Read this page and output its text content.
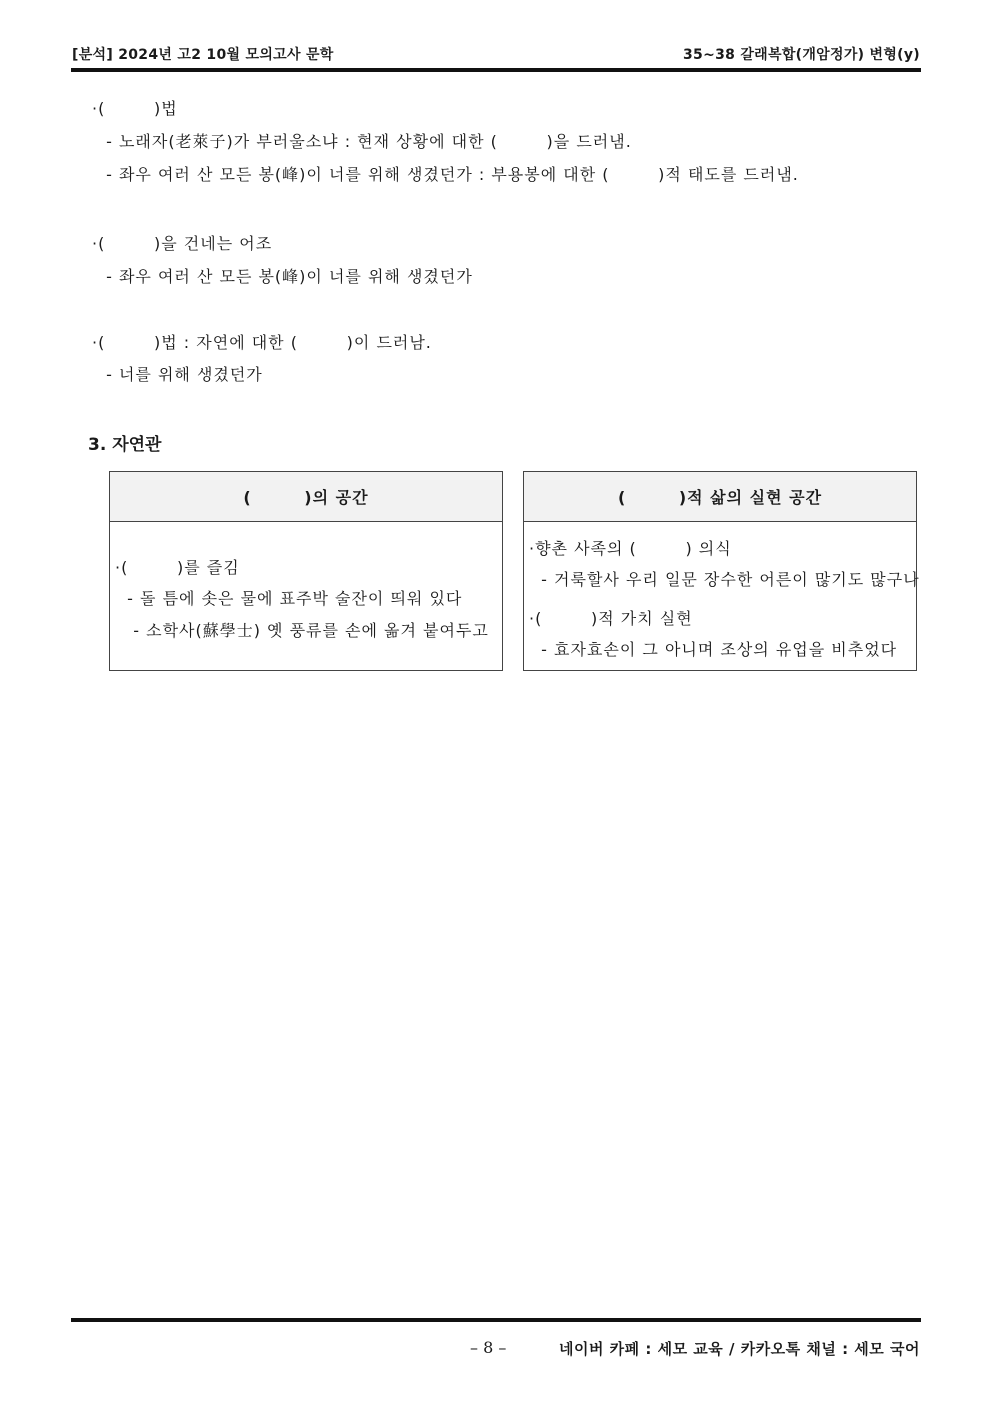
[분석] 2024년 고2 10월 모의고사 문학	35~38 갈래복합(개암정가) 변형(y)
·(        )법
- 노래자(老萊子)가 부러울소냐 : 현재 상황에 대한 (        )을 드러냄.
- 좌우 여러 산 모든 봉(峰)이 너를 위해 생겼던가 : 부용봉에 대한 (        )적 태도를 드러냄.
·(        )을 건네는 어조
- 좌우 여러 산 모든 봉(峰)이 너를 위해 생겼던가
·(        )법 : 자연에 대한 (        )이 드러남.
- 너를 위해 생겼던가
3. 자연관
(        )의 공간
·(        )를 즐김
- 돌 틈에 솟은 물에 표주박 술잔이 띄워 있다
- 소학사(蘇學士) 옛 풍류를 손에 옮겨 붙여두고
(        )적 삶의 실현 공간
·향촌 사족의 (        ) 의식
- 거룩할사 우리 일문 장수한 어른이 많기도 많구나
·(        )적 가치 실현
- 효자효손이 그 아니며 조상의 유업을 비추었다
– 8 –	네이버 카페 : 세모 교육 / 카카오톡 채널 : 세모 국어
